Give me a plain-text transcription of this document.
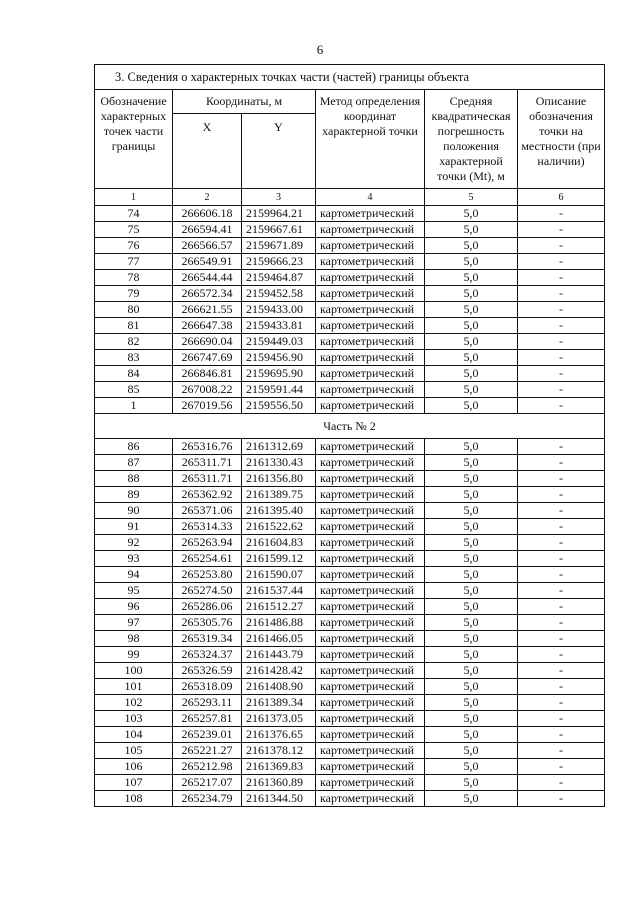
6
3. Сведения о характерных точках части (частей) границы объекта					
Обозначение характерных точек части границы	Координаты, м		Метод определения координат характерной точки	Средняя квадратическая погрешность положения характерной точки (Mt), м	Описание обозначения точки на местности (при наличии)
	X	Y			
1	2	3	4	5	6
74	266606.18	2159964.21	картометрический	5,0	-
75	266594.41	2159667.61	картометрический	5,0	-
76	266566.57	2159671.89	картометрический	5,0	-
77	266549.91	2159666.23	картометрический	5,0	-
78	266544.44	2159464.87	картометрический	5,0	-
79	266572.34	2159452.58	картометрический	5,0	-
80	266621.55	2159433.00	картометрический	5,0	-
81	266647.38	2159433.81	картометрический	5,0	-
82	266690.04	2159449.03	картометрический	5,0	-
83	266747.69	2159456.90	картометрический	5,0	-
84	266846.81	2159695.90	картометрический	5,0	-
85	267008.22	2159591.44	картометрический	5,0	-
1	267019.56	2159556.50	картометрический	5,0	-
Часть № 2					
86	265316.76	2161312.69	картометрический	5,0	-
87	265311.71	2161330.43	картометрический	5,0	-
88	265311.71	2161356.80	картометрический	5,0	-
89	265362.92	2161389.75	картометрический	5,0	-
90	265371.06	2161395.40	картометрический	5,0	-
91	265314.33	2161522.62	картометрический	5,0	-
92	265263.94	2161604.83	картометрический	5,0	-
93	265254.61	2161599.12	картометрический	5,0	-
94	265253.80	2161590.07	картометрический	5,0	-
95	265274.50	2161537.44	картометрический	5,0	-
96	265286.06	2161512.27	картометрический	5,0	-
97	265305.76	2161486.88	картометрический	5,0	-
98	265319.34	2161466.05	картометрический	5,0	-
99	265324.37	2161443.79	картометрический	5,0	-
100	265326.59	2161428.42	картометрический	5,0	-
101	265318.09	2161408.90	картометрический	5,0	-
102	265293.11	2161389.34	картометрический	5,0	-
103	265257.81	2161373.05	картометрический	5,0	-
104	265239.01	2161376.65	картометрический	5,0	-
105	265221.27	2161378.12	картометрический	5,0	-
106	265212.98	2161369.83	картометрический	5,0	-
107	265217.07	2161360.89	картометрический	5,0	-
108	265234.79	2161344.50	картометрический	5,0	-
